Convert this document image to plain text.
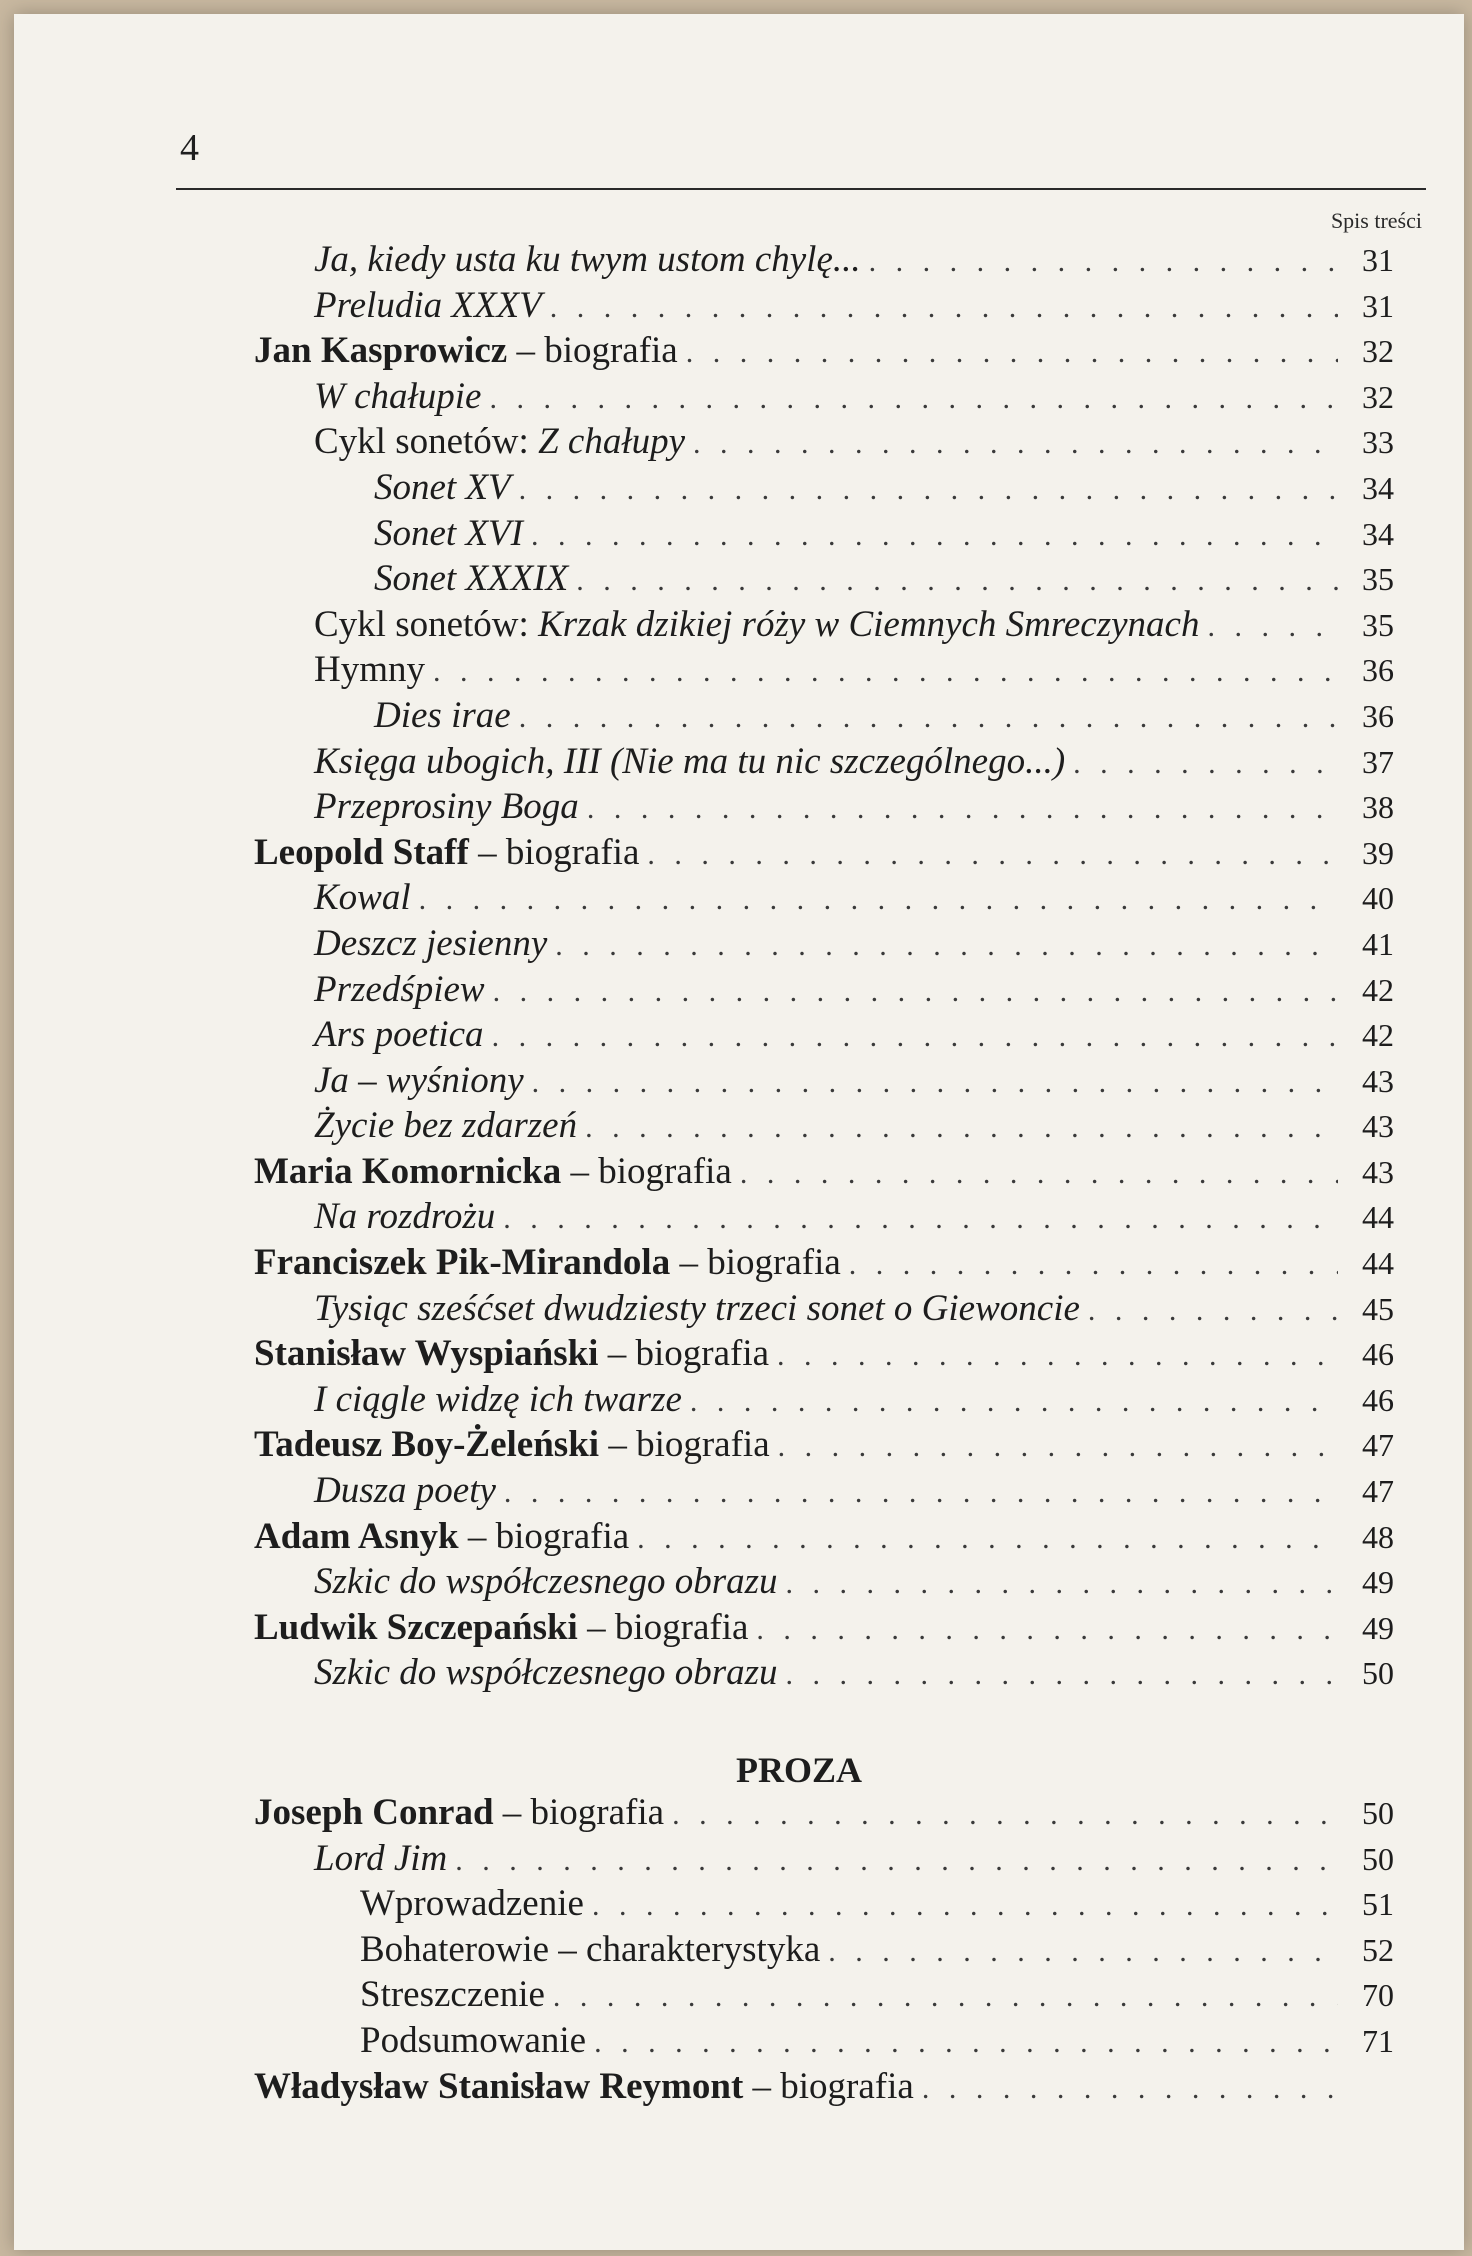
4
Spis treści
Ja, kiedy usta ku twym ustom chylę... . . .	31
Preludia XXXV . . .	31
Jan Kasprowicz – biografia . . .	32
W chałupie . . .	32
Cykl sonetów: Z chałupy . . .	33
Sonet XV . . .	34
Sonet XVI . . .	34
Sonet XXXIX . . .	35
Cykl sonetów: Krzak dzikiej róży w Ciemnych Smreczynach . . .	35
Hymny . . .	36
Dies irae . . .	36
Księga ubogich, III (Nie ma tu nic szczególnego...) . . .	37
Przeprosiny Boga . . .	38
Leopold Staff – biografia . . .	39
Kowal . . .	40
Deszcz jesienny . . .	41
Przedśpiew . . .	42
Ars poetica . . .	42
Ja – wyśniony . . .	43
Życie bez zdarzeń . . .	43
Maria Komornicka – biografia . . .	43
Na rozdrożu . . .	44
Franciszek Pik-Mirandola – biografia . . .	44
Tysiąc sześćset dwudziesty trzeci sonet o Giewoncie . . .	45
Stanisław Wyspiański – biografia . . .	46
I ciągle widzę ich twarze . . .	46
Tadeusz Boy-Żeleński – biografia . . .	47
Dusza poety . . .	47
Adam Asnyk – biografia . . .	48
Szkic do współczesnego obrazu . . .	49
Ludwik Szczepański – biografia . . .	49
Szkic do współczesnego obrazu . . .	50
PROZA
Joseph Conrad – biografia . . .	50
Lord Jim . . .	50
Wprowadzenie . . .	51
Bohaterowie – charakterystyka . . .	52
Streszczenie . . .	70
Podsumowanie . . .	71
Władysław Stanisław Reymont – biografia
. . .
